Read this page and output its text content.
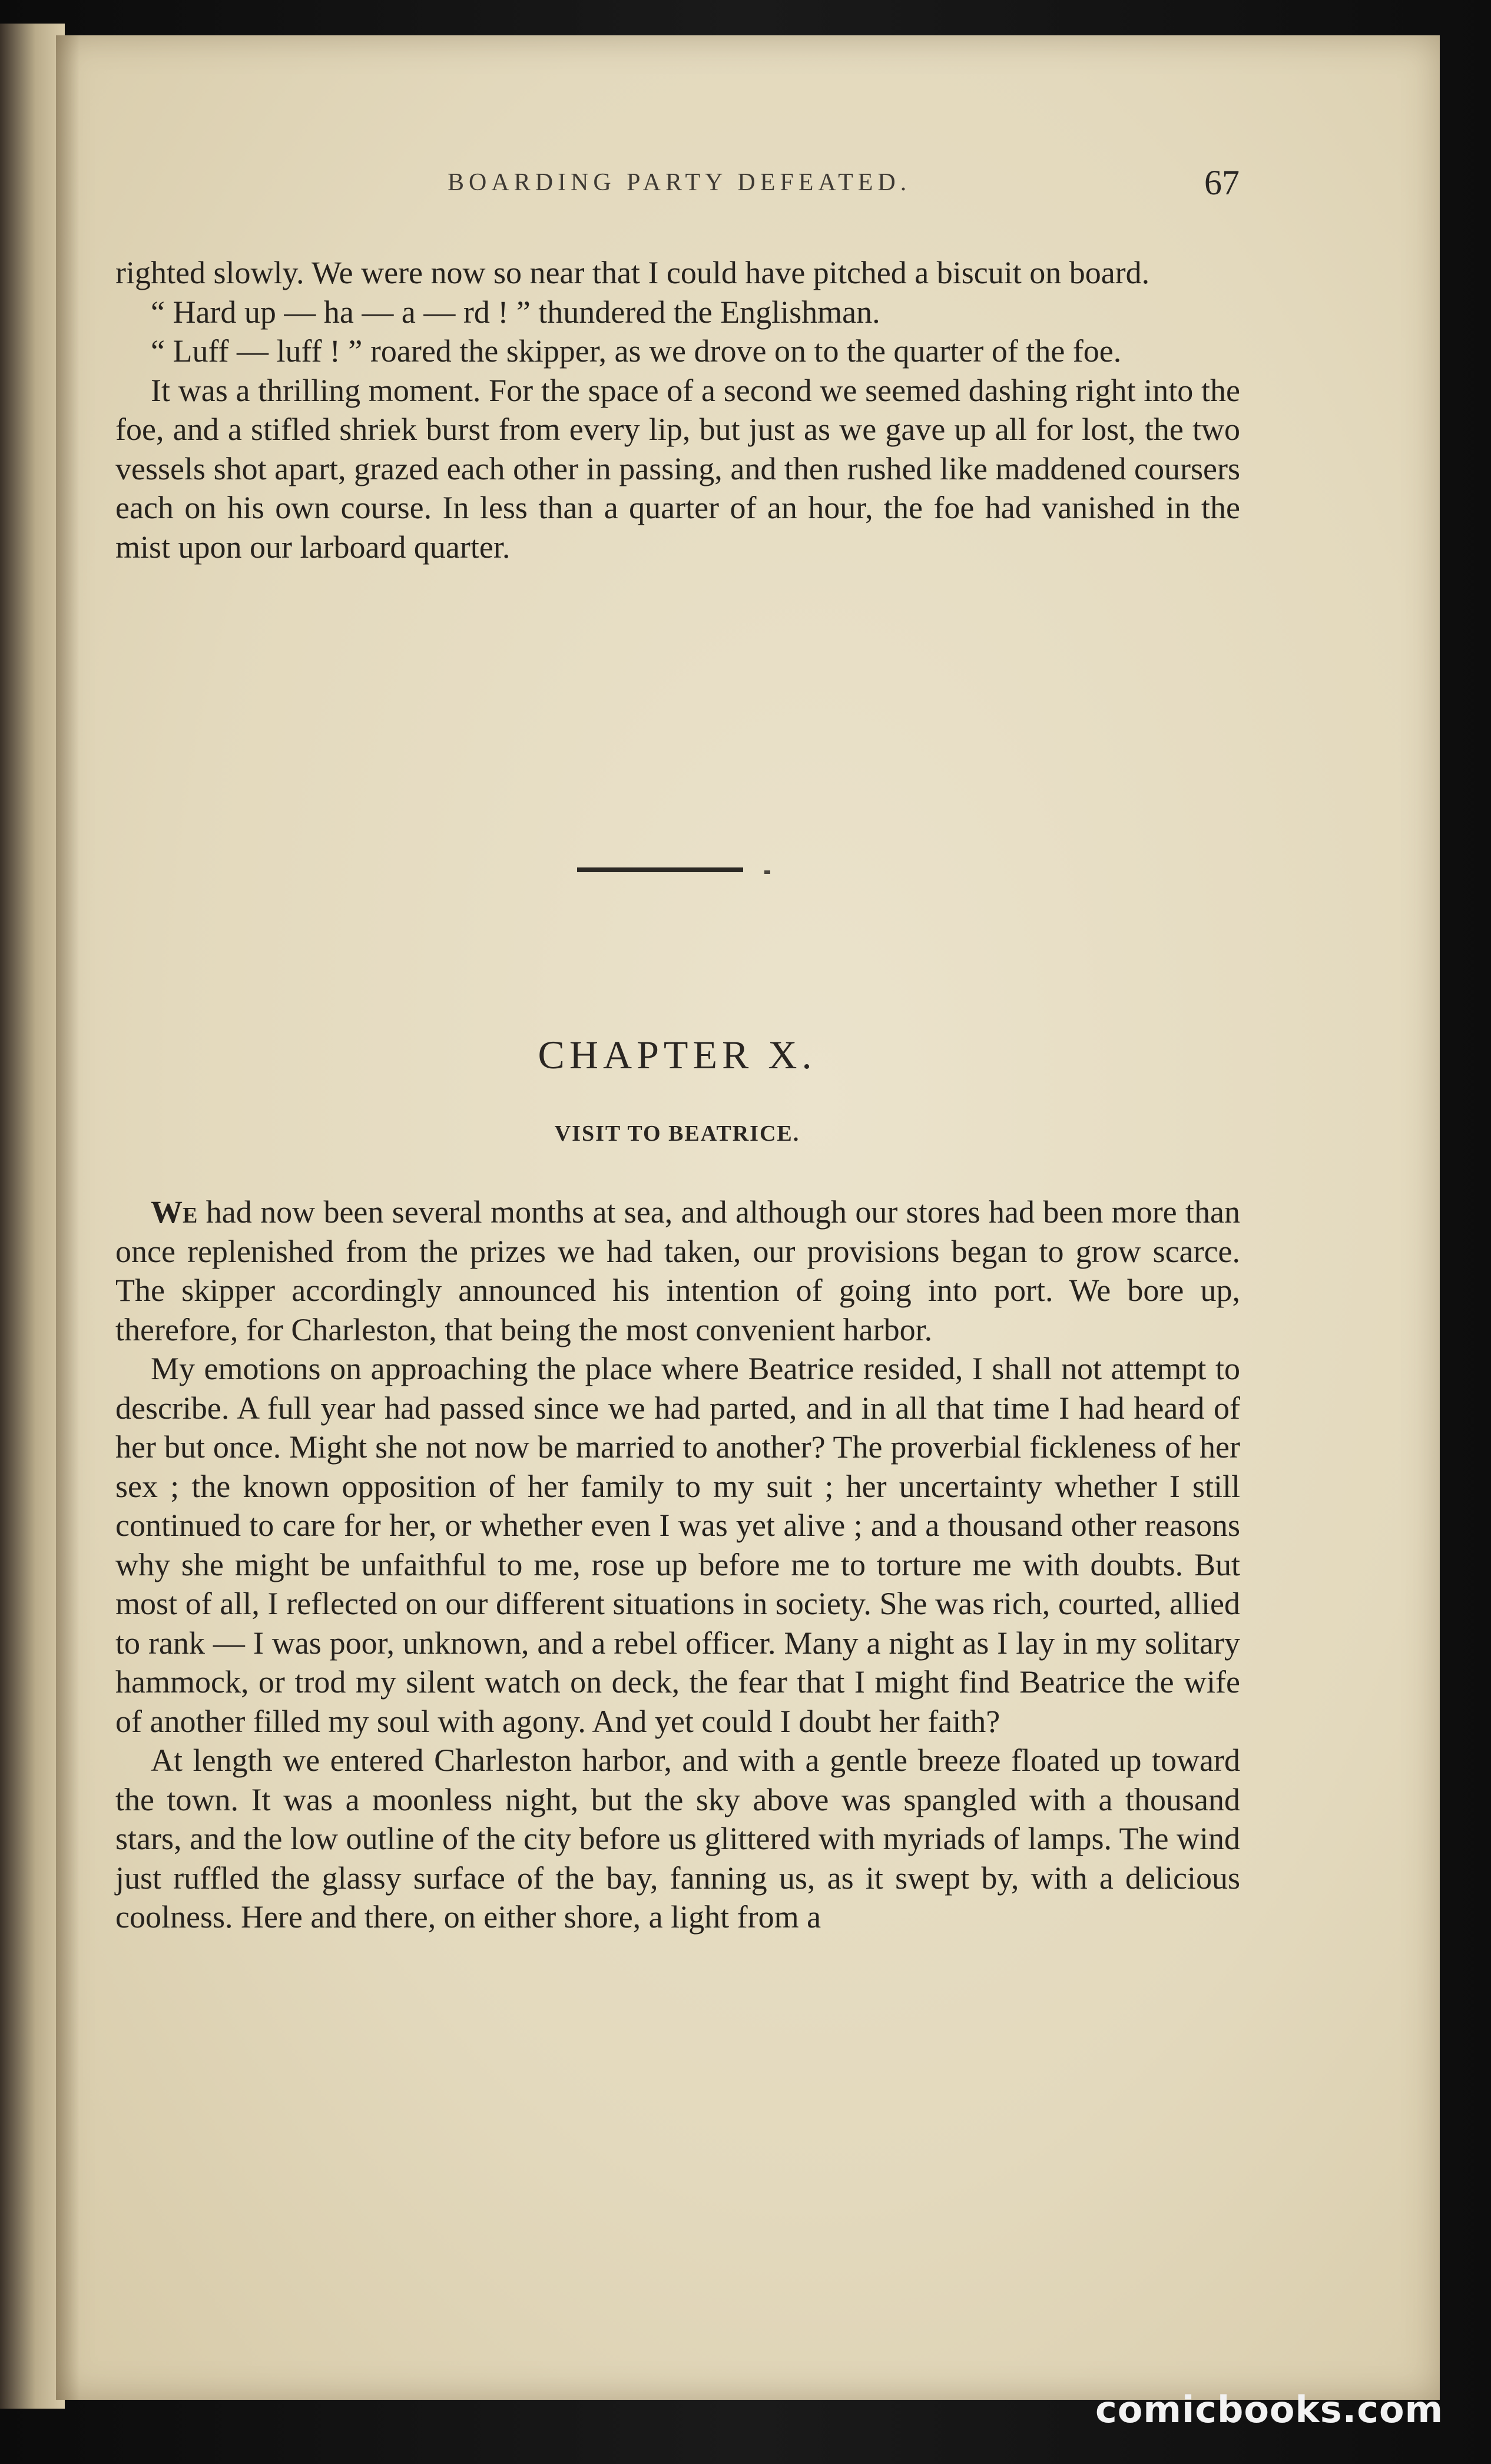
BOARDING PARTY DEFEATED.	67

righted slowly. We were now so near that I could have pitched a biscuit on board.

“ Hard up — ha — a — rd ! ” thundered the Englishman.

“ Luff — luff ! ” roared the skipper, as we drove on to the quarter of the foe.

It was a thrilling moment. For the space of a second we seemed dashing right into the foe, and a stifled shriek burst from every lip, but just as we gave up all for lost, the two vessels shot apart, grazed each other in passing, and then rushed like maddened coursers each on his own course. In less than a quarter of an hour, the foe had vanished in the mist upon our larboard quarter.

CHAPTER X.
VISIT TO BEATRICE.

We had now been several months at sea, and although our stores had been more than once replenished from the prizes we had taken, our provisions began to grow scarce. The skipper accordingly announced his intention of going into port. We bore up, therefore, for Charleston, that being the most convenient harbor.

My emotions on approaching the place where Beatrice resided, I shall not attempt to describe. A full year had passed since we had parted, and in all that time I had heard of her but once. Might she not now be married to another? The proverbial fickleness of her sex ; the known opposition of her family to my suit ; her uncertainty whether I still continued to care for her, or whether even I was yet alive ; and a thousand other reasons why she might be unfaithful to me, rose up before me to torture me with doubts. But most of all, I reflected on our different situations in society. She was rich, courted, allied to rank — I was poor, unknown, and a rebel officer. Many a night as I lay in my solitary hammock, or trod my silent watch on deck, the fear that I might find Beatrice the wife of another filled my soul with agony. And yet could I doubt her faith?

At length we entered Charleston harbor, and with a gentle breeze floated up toward the town. It was a moonless night, but the sky above was spangled with a thousand stars, and the low outline of the city before us glittered with myriads of lamps. The wind just ruffled the glassy surface of the bay, fanning us, as it swept by, with a delicious coolness. Here and there, on either shore, a light from a

comicbooks.com
